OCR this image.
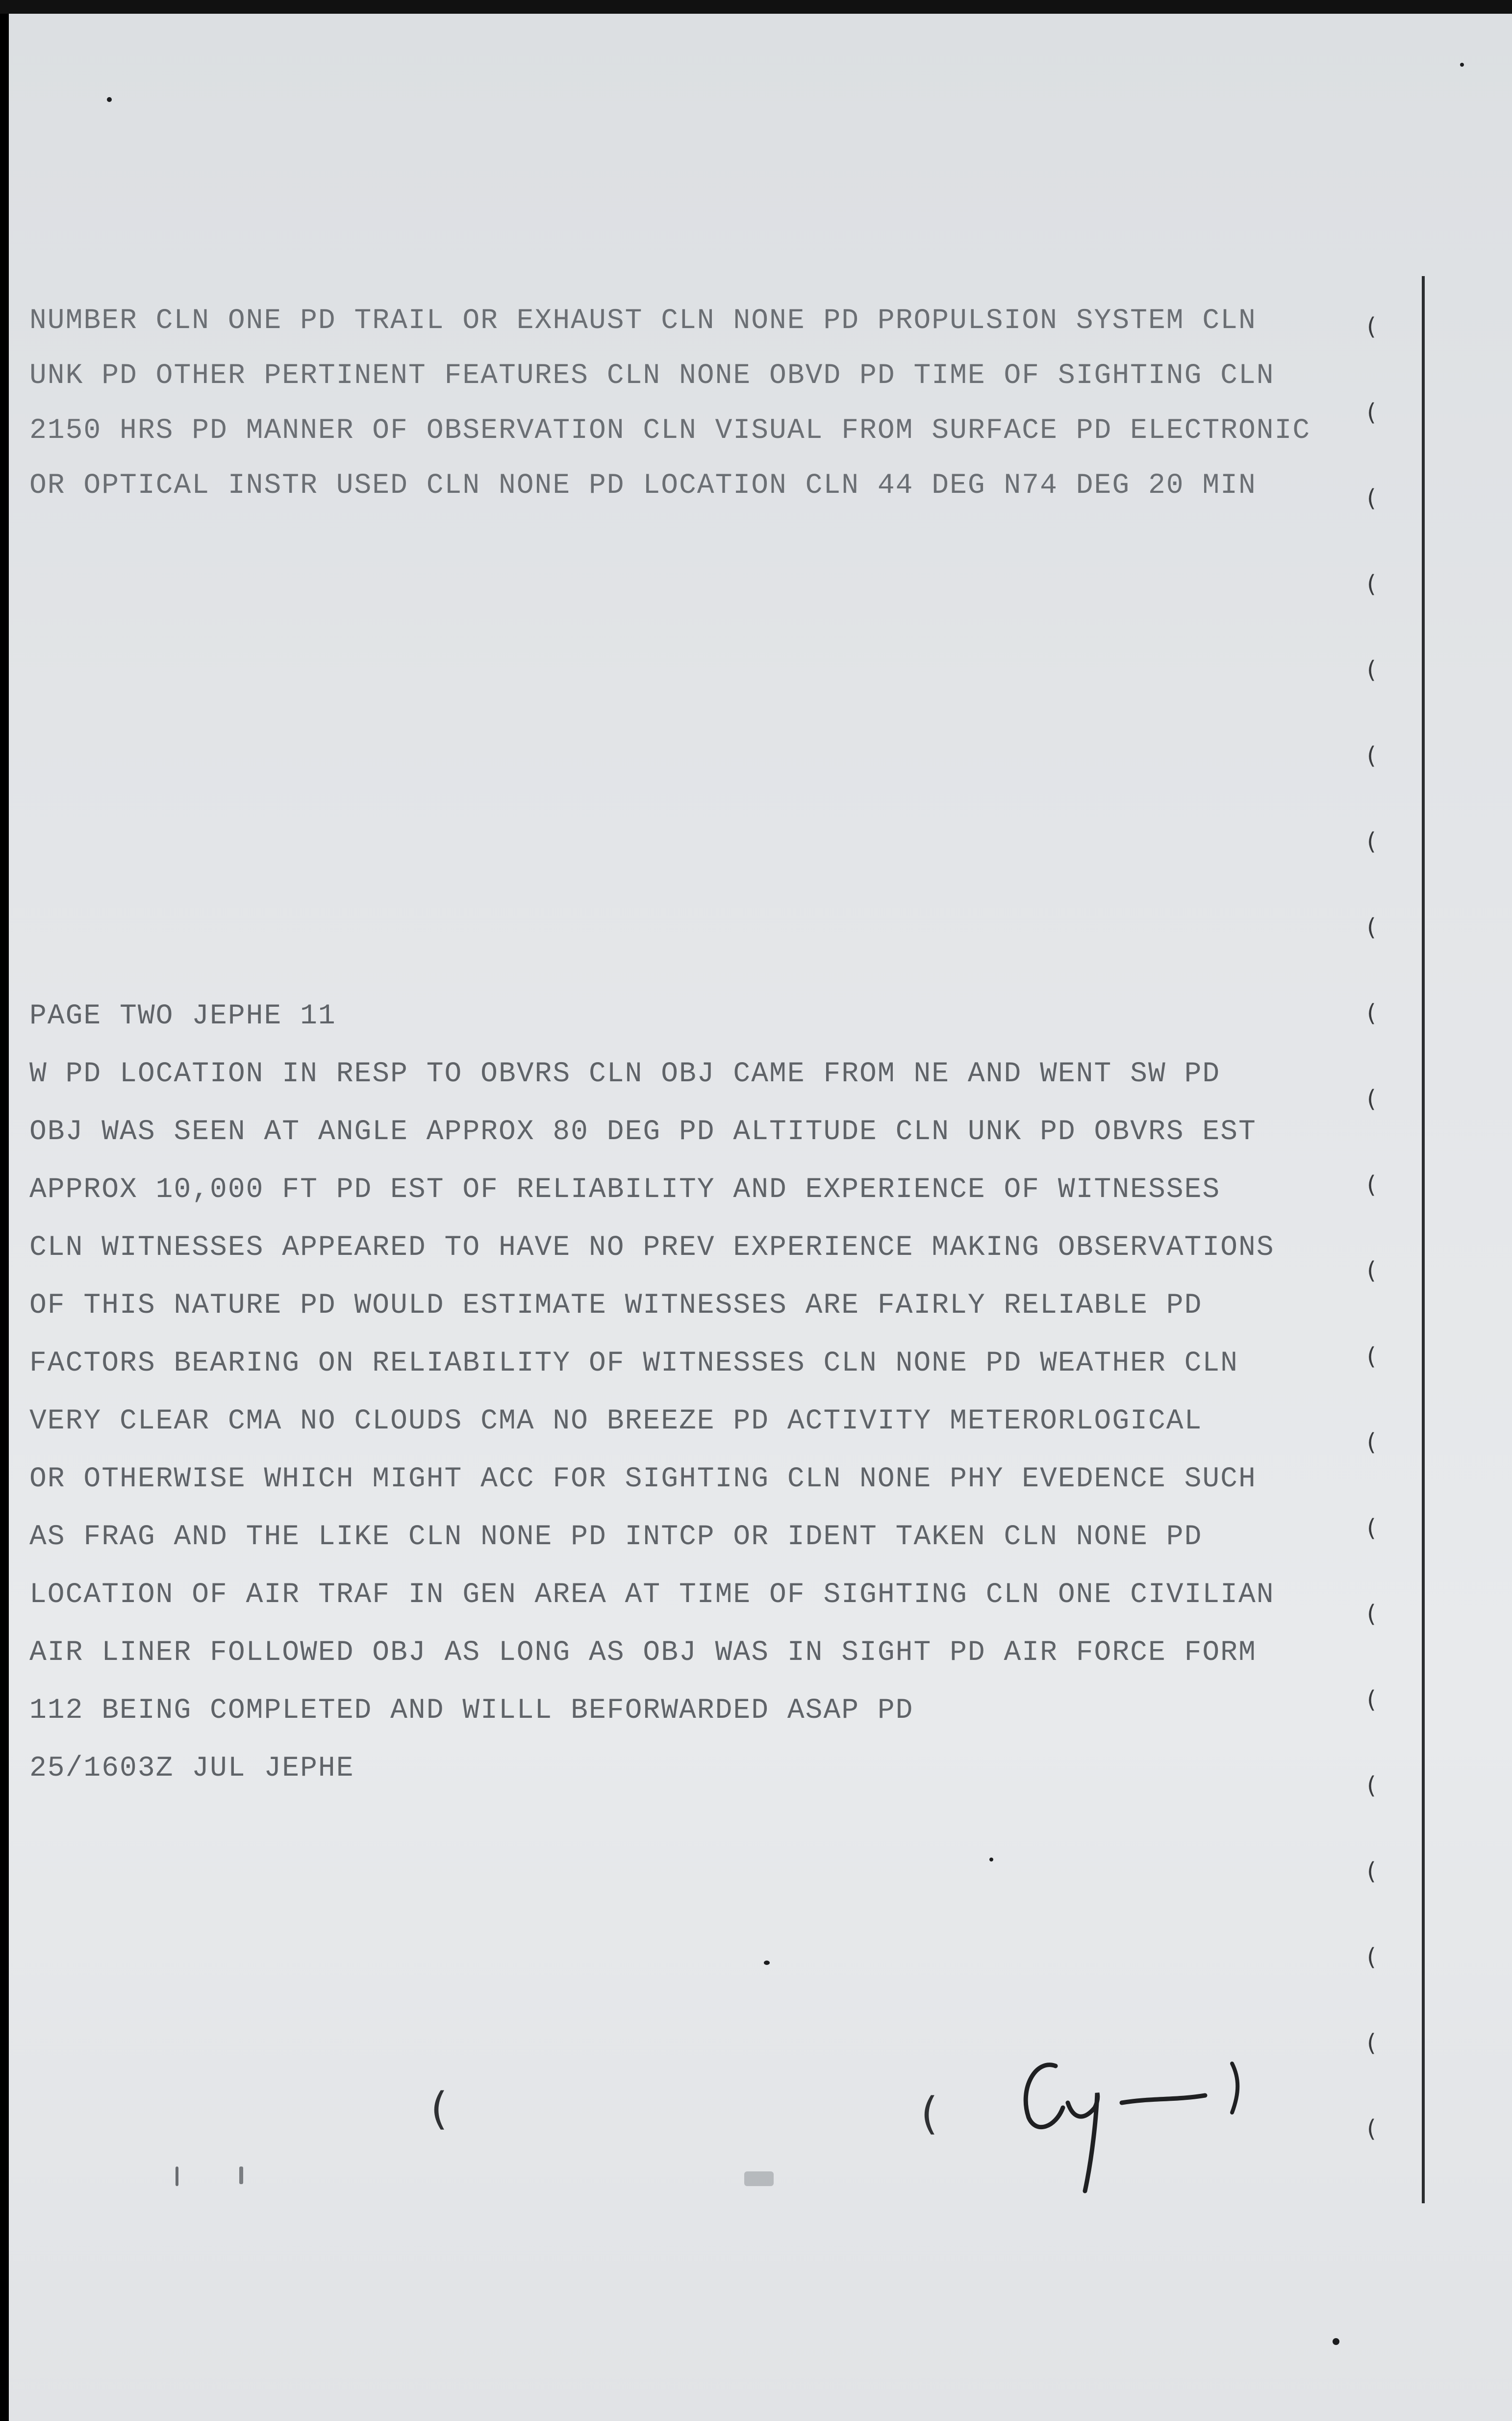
NUMBER CLN ONE PD TRAIL OR EXHAUST CLN NONE PD PROPULSION SYSTEM CLN
UNK PD OTHER PERTINENT FEATURES CLN NONE OBVD PD TIME OF SIGHTING CLN
2150 HRS PD MANNER OF OBSERVATION CLN VISUAL FROM SURFACE PD ELECTRONIC
OR OPTICAL INSTR USED CLN NONE PD LOCATION CLN 44 DEG N74 DEG 20 MIN
PAGE TWO JEPHE 11
W PD LOCATION IN RESP TO OBVRS CLN OBJ CAME FROM NE AND WENT SW PD
OBJ WAS SEEN AT ANGLE APPROX 80 DEG PD ALTITUDE CLN UNK PD OBVRS EST
APPROX 10,000 FT PD EST OF RELIABILITY AND EXPERIENCE OF WITNESSES
CLN WITNESSES APPEARED TO HAVE NO PREV EXPERIENCE MAKING OBSERVATIONS
OF THIS NATURE PD WOULD ESTIMATE WITNESSES ARE FAIRLY RELIABLE PD
FACTORS BEARING ON RELIABILITY OF WITNESSES CLN NONE PD WEATHER CLN
VERY CLEAR CMA NO CLOUDS CMA NO BREEZE PD ACTIVITY METERORLOGICAL
OR OTHERWISE WHICH MIGHT ACC FOR SIGHTING CLN NONE PHY EVEDENCE SUCH
AS FRAG AND THE LIKE CLN NONE PD INTCP OR IDENT TAKEN CLN NONE PD
LOCATION OF AIR TRAF IN GEN AREA AT TIME OF SIGHTING CLN ONE CIVILIAN
AIR LINER FOLLOWED OBJ AS LONG AS OBJ WAS IN SIGHT PD AIR FORCE FORM
112 BEING COMPLETED AND WILLL BEFORWARDED ASAP PD
25/1603Z JUL JEPHE
(
(
(
(
(
(
(
(
(
(
(
(
(
(
(
(
(
(
(
(
(
(
(	(
